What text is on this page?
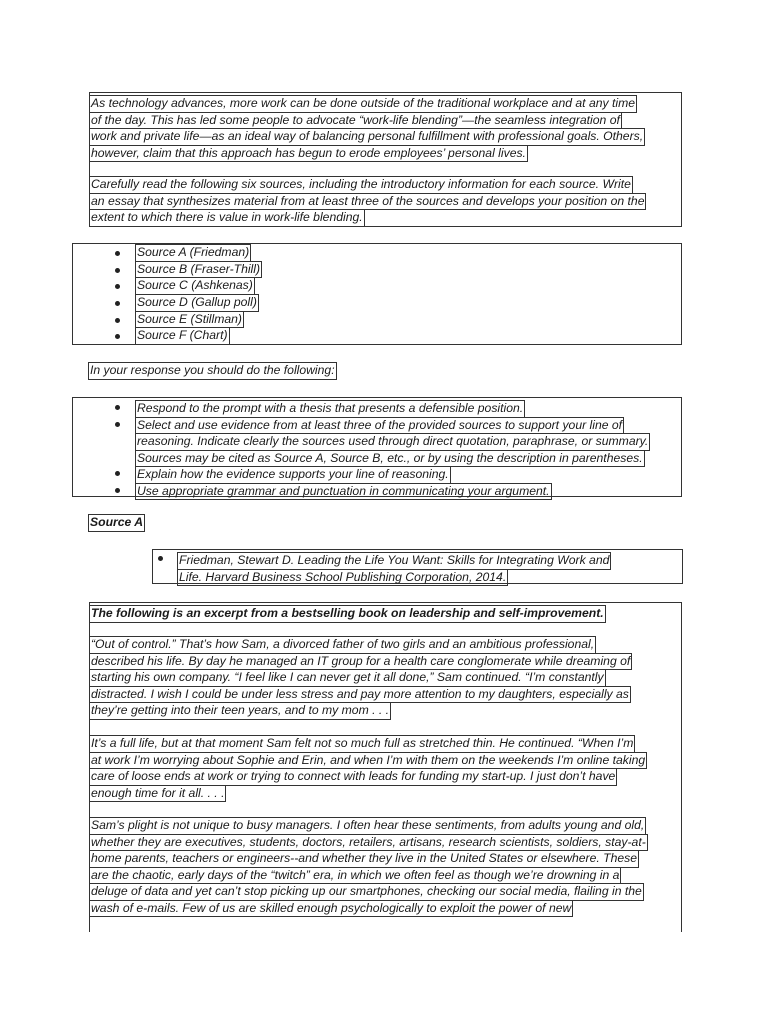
As technology advances, more work can be done outside of the traditional workplace and at any time
of the day. This has led some people to advocate “work-life blending”—the seamless integration of
work and private life—as an ideal way of balancing personal fulfillment with professional goals. Others,
however, claim that this approach has begun to erode employees’ personal lives.
Carefully read the following six sources, including the introductory information for each source. Write
an essay that synthesizes material from at least three of the sources and develops your position on the
extent to which there is value in work-life blending.
Source A (Friedman)
Source B (Fraser-Thill)
Source C (Ashkenas)
Source D (Gallup poll)
Source E (Stillman)
Source F (Chart)
In your response you should do the following:
Respond to the prompt with a thesis that presents a defensible position.
Select and use evidence from at least three of the provided sources to support your line of
reasoning. Indicate clearly the sources used through direct quotation, paraphrase, or summary.
Sources may be cited as Source A, Source B, etc., or by using the description in parentheses.
Explain how the evidence supports your line of reasoning.
Use appropriate grammar and punctuation in communicating your argument.
Source A
Friedman, Stewart D. Leading the Life You Want: Skills for Integrating Work and
Life. Harvard Business School Publishing Corporation, 2014.
The following is an excerpt from a bestselling book on leadership and self-improvement.
“Out of control.” That’s how Sam, a divorced father of two girls and an ambitious professional,
described his life. By day he managed an IT group for a health care conglomerate while dreaming of
starting his own company. “I feel like I can never get it all done,” Sam continued. “I’m constantly
distracted. I wish I could be under less stress and pay more attention to my daughters, especially as
they’re getting into their teen years, and to my mom . . .
It’s a full life, but at that moment Sam felt not so much full as stretched thin. He continued. “When I’m
at work I’m worrying about Sophie and Erin, and when I’m with them on the weekends I’m online taking
care of loose ends at work or trying to connect with leads for funding my start-up. I just don’t have
enough time for it all. . . .
Sam’s plight is not unique to busy managers. I often hear these sentiments, from adults young and old,
whether they are executives, students, doctors, retailers, artisans, research scientists, soldiers, stay-at-
home parents, teachers or engineers--and whether they live in the United States or elsewhere. These
are the chaotic, early days of the “twitch” era, in which we often feel as though we’re drowning in a
deluge of data and yet can’t stop picking up our smartphones, checking our social media, flailing in the
wash of e-mails. Few of us are skilled enough psychologically to exploit the power of new
